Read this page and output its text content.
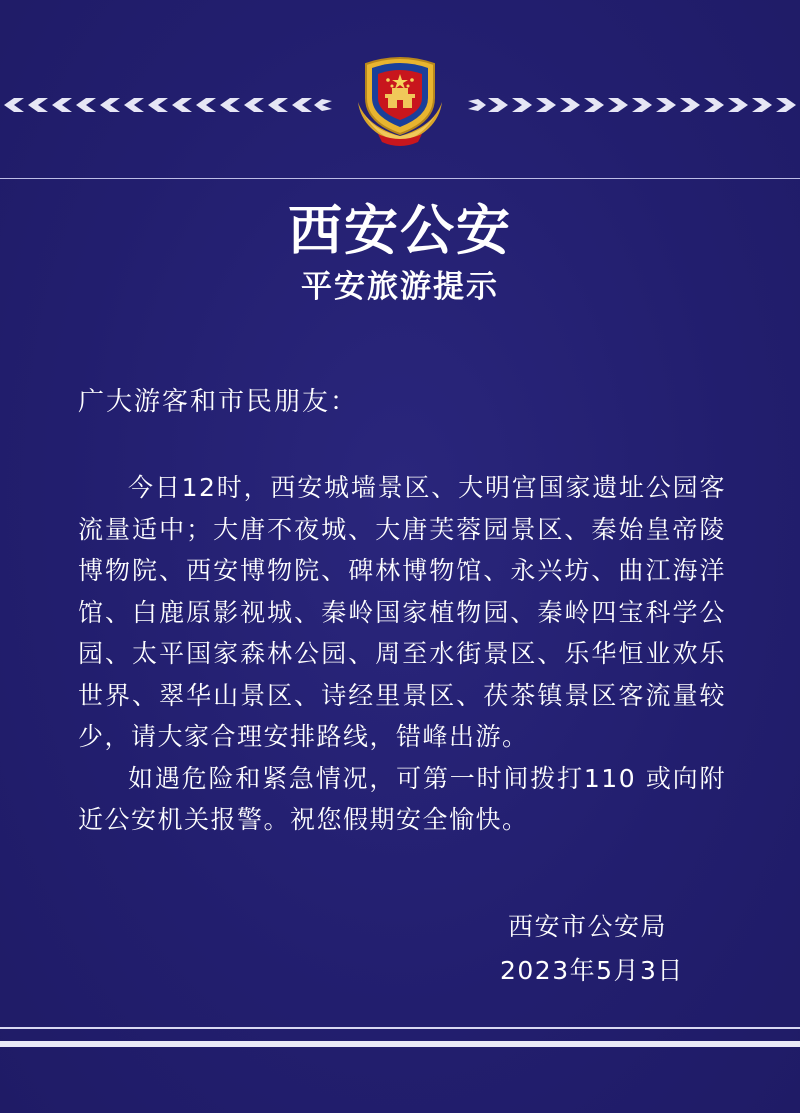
西安公安
平安旅游提示
广大游客和市民朋友：

今日12时，西安城墙景区、大明宫国家遗址公园客流量适中；大唐不夜城、大唐芙蓉园景区、秦始皇帝陵博物院、西安博物院、碑林博物馆、永兴坊、曲江海洋馆、白鹿原影视城、秦岭国家植物园、秦岭四宝科学公园、太平国家森林公园、周至水街景区、乐华恒业欢乐世界、翠华山景区、诗经里景区、茯茶镇景区客流量较少，请大家合理安排路线，错峰出游。

如遇危险和紧急情况，可第一时间拨打110 或向附近公安机关报警。祝您假期安全愉快。

西安市公安局
2023年5月3日
